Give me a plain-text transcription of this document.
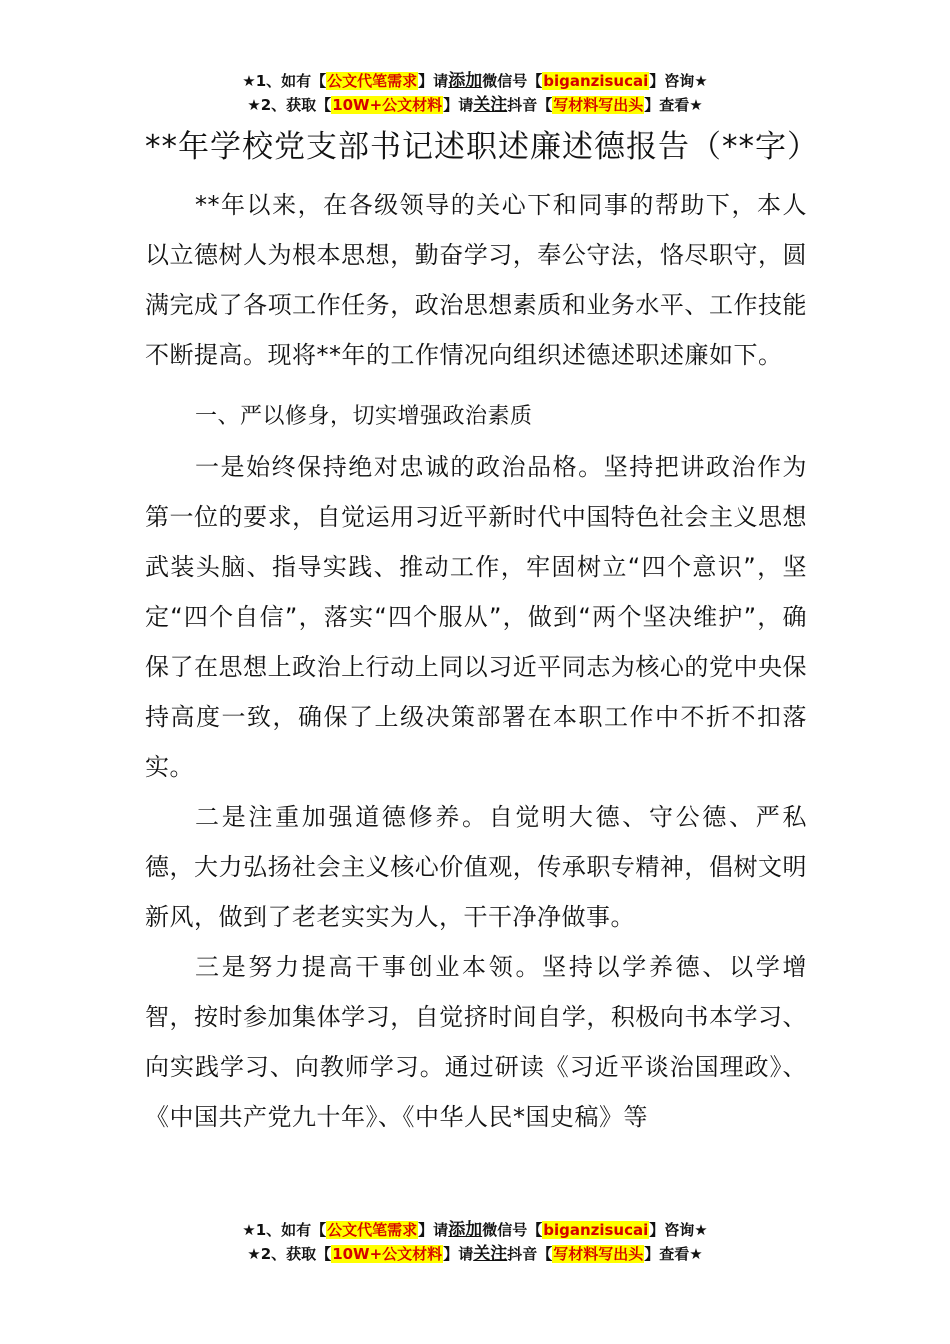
★1、如有【公文代笔需求】请添加微信号【biganzisucai】咨询★
★2、获取【10W+公文材料】请关注抖音【写材料写出头】查看★
**年学校党支部书记述职述廉述德报告（**字）

**年以来，在各级领导的关心下和同事的帮助下，本人以立德树人为根本思想，勤奋学习，奉公守法，恪尽职守，圆满完成了各项工作任务，政治思想素质和业务水平、工作技能不断提高。现将**年的工作情况向组织述德述职述廉如下。

一、严以修身，切实增强政治素质

一是始终保持绝对忠诚的政治品格。坚持把讲政治作为第一位的要求，自觉运用习近平新时代中国特色社会主义思想武装头脑、指导实践、推动工作，牢固树立“四个意识”，坚定“四个自信”，落实“四个服从”，做到“两个坚决维护”，确保了在思想上政治上行动上同以习近平同志为核心的党中央保持高度一致，确保了上级决策部署在本职工作中不折不扣落实。

二是注重加强道德修养。自觉明大德、守公德、严私德，大力弘扬社会主义核心价值观，传承职专精神，倡树文明新风，做到了老老实实为人，干干净净做事。

三是努力提高干事创业本领。坚持以学养德、以学增智，按时参加集体学习，自觉挤时间自学，积极向书本学习、向实践学习、向教师学习。通过研读《习近平谈治国理政》、《中国共产党九十年》、《中华人民*国史稿》等

★1、如有【公文代笔需求】请添加微信号【biganzisucai】咨询★
★2、获取【10W+公文材料】请关注抖音【写材料写出头】查看★
